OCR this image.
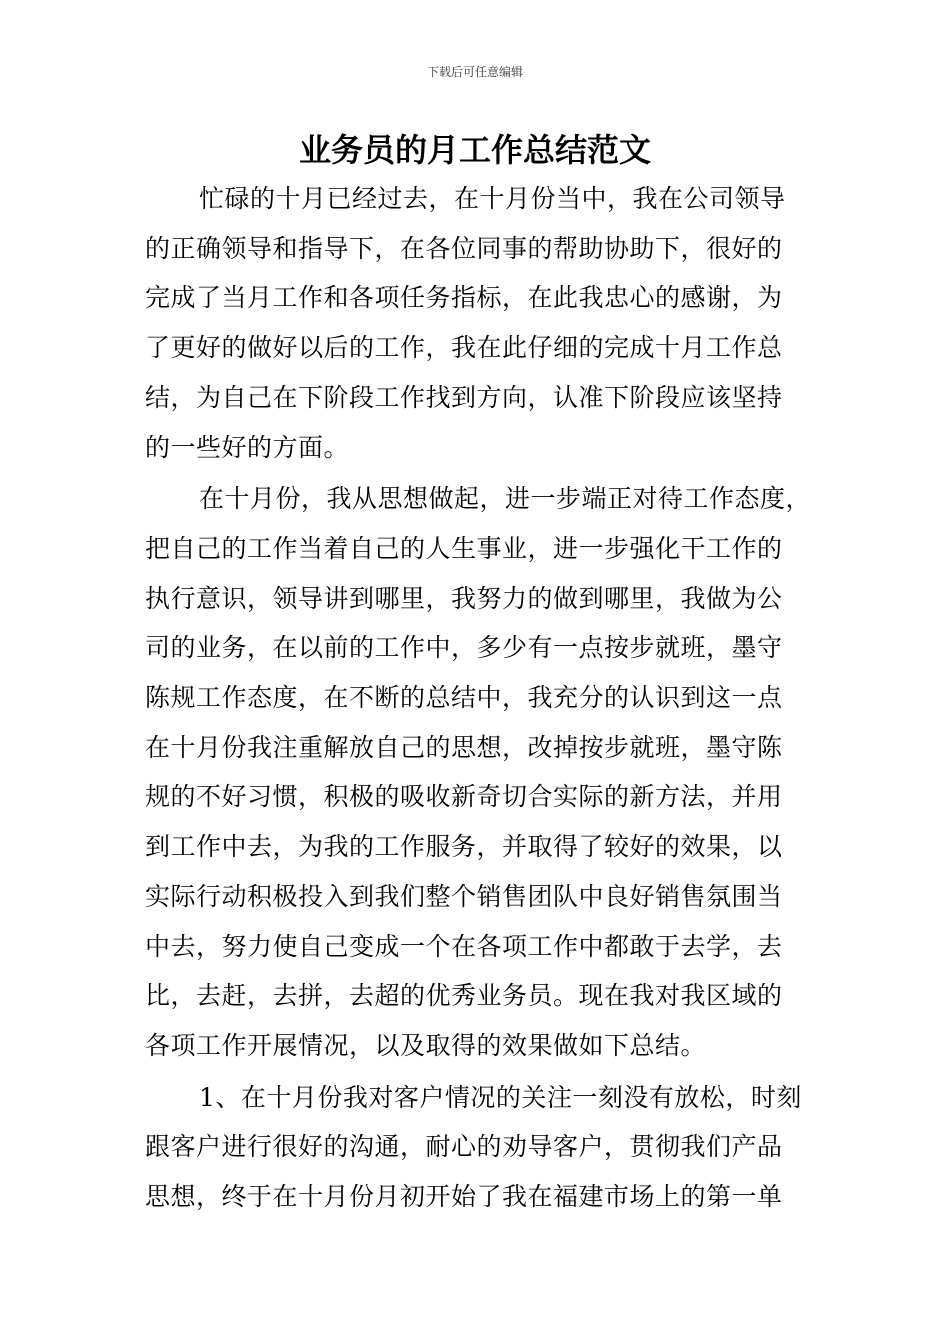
下载后可任意编辑
业务员的月工作总结范文

忙碌的十月已经过去，在十月份当中，我在公司领导
的正确领导和指导下，在各位同事的帮助协助下，很好的
完成了当月工作和各项任务指标，在此我忠心的感谢，为
了更好的做好以后的工作，我在此仔细的完成十月工作总
结，为自己在下阶段工作找到方向，认准下阶段应该坚持
的一些好的方面。

在十月份，我从思想做起，进一步端正对待工作态度，
把自己的工作当着自己的人生事业，进一步强化干工作的
执行意识，领导讲到哪里，我努力的做到哪里，我做为公
司的业务，在以前的工作中，多少有一点按步就班，墨守
陈规工作态度，在不断的总结中，我充分的认识到这一点
在十月份我注重解放自己的思想，改掉按步就班，墨守陈
规的不好习惯，积极的吸收新奇切合实际的新方法，并用
到工作中去，为我的工作服务，并取得了较好的效果，以
实际行动积极投入到我们整个销售团队中良好销售氛围当
中去，努力使自己变成一个在各项工作中都敢于去学，去
比，去赶，去拼，去超的优秀业务员。现在我对我区域的
各项工作开展情况，以及取得的效果做如下总结。

1、在十月份我对客户情况的关注一刻没有放松，时刻
跟客户进行很好的沟通，耐心的劝导客户，贯彻我们产品
思想，终于在十月份月初开始了我在福建市场上的第一单
